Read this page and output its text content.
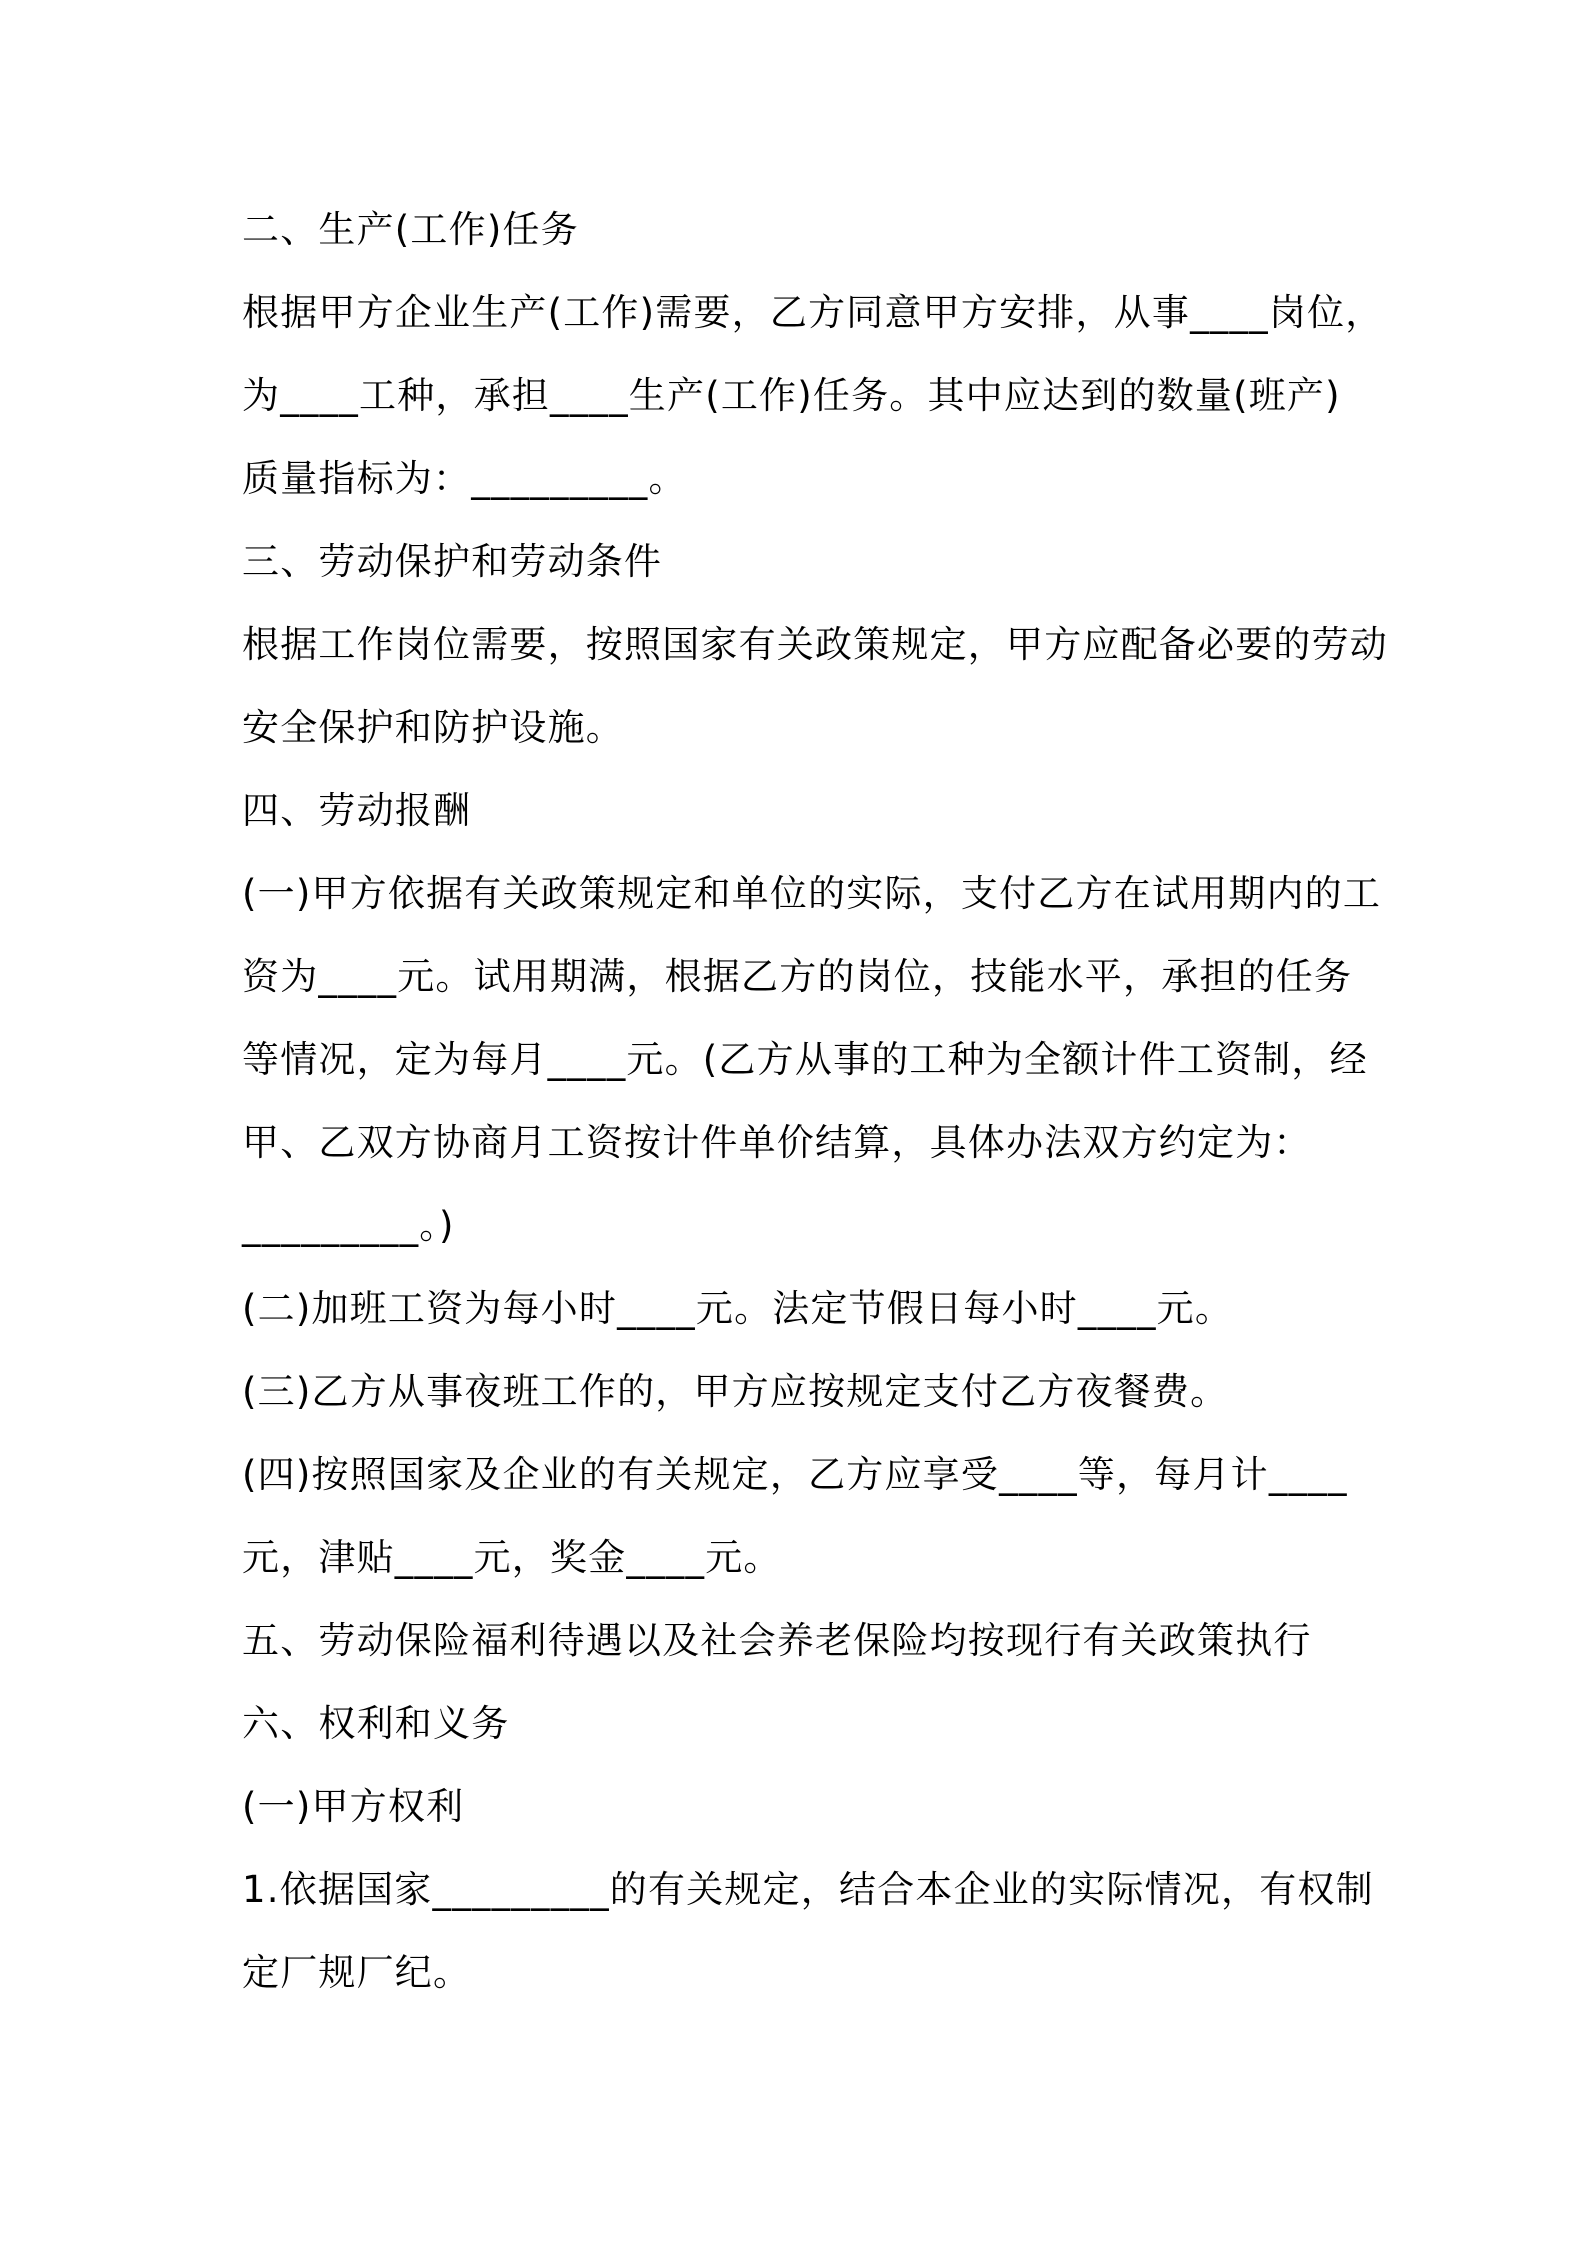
二、生产(工作)任务
根据甲方企业生产(工作)需要，乙方同意甲方安排，从事____岗位，
为____工种，承担____生产(工作)任务。其中应达到的数量(班产)
质量指标为：_________。
三、劳动保护和劳动条件
根据工作岗位需要，按照国家有关政策规定，甲方应配备必要的劳动
安全保护和防护设施。
四、劳动报酬
(一)甲方依据有关政策规定和单位的实际，支付乙方在试用期内的工
资为____元。试用期满，根据乙方的岗位，技能水平，承担的任务
等情况，定为每月____元。(乙方从事的工种为全额计件工资制，经
甲、乙双方协商月工资按计件单价结算，具体办法双方约定为：
_________。)
(二)加班工资为每小时____元。法定节假日每小时____元。
(三)乙方从事夜班工作的，甲方应按规定支付乙方夜餐费。
(四)按照国家及企业的有关规定，乙方应享受____等，每月计____
元，津贴____元，奖金____元。
五、劳动保险福利待遇以及社会养老保险均按现行有关政策执行
六、权利和义务
(一)甲方权利
1.依据国家_________的有关规定，结合本企业的实际情况，有权制
定厂规厂纪。
